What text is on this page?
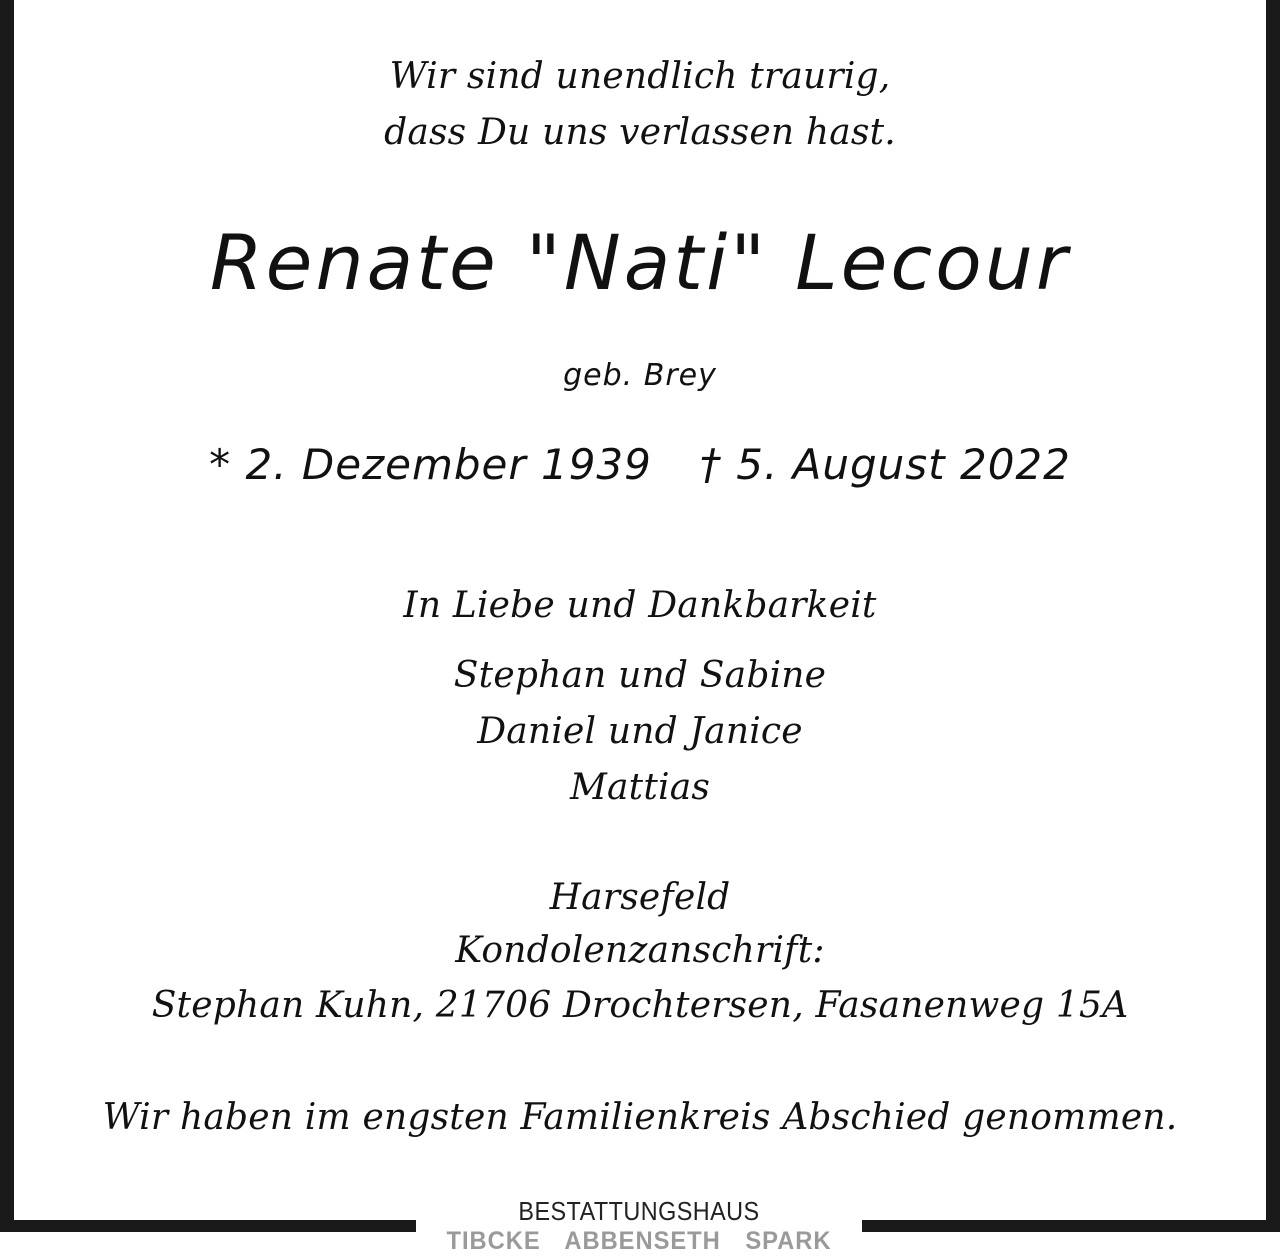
Wir sind unendlich traurig,
dass Du uns verlassen hast.
Renate "Nati" Lecour
geb. Brey
* 2. Dezember 1939 † 5. August 2022
In Liebe und Dankbarkeit
Stephan und Sabine
Daniel und Janice
Mattias
Harsefeld
Kondolenzanschrift:
Stephan Kuhn, 21706 Drochtersen, Fasanenweg 15A
Wir haben im engsten Familienkreis Abschied genommen.
BESTATTUNGSHAUS
TIBCKE ABBENSETH SPARK
